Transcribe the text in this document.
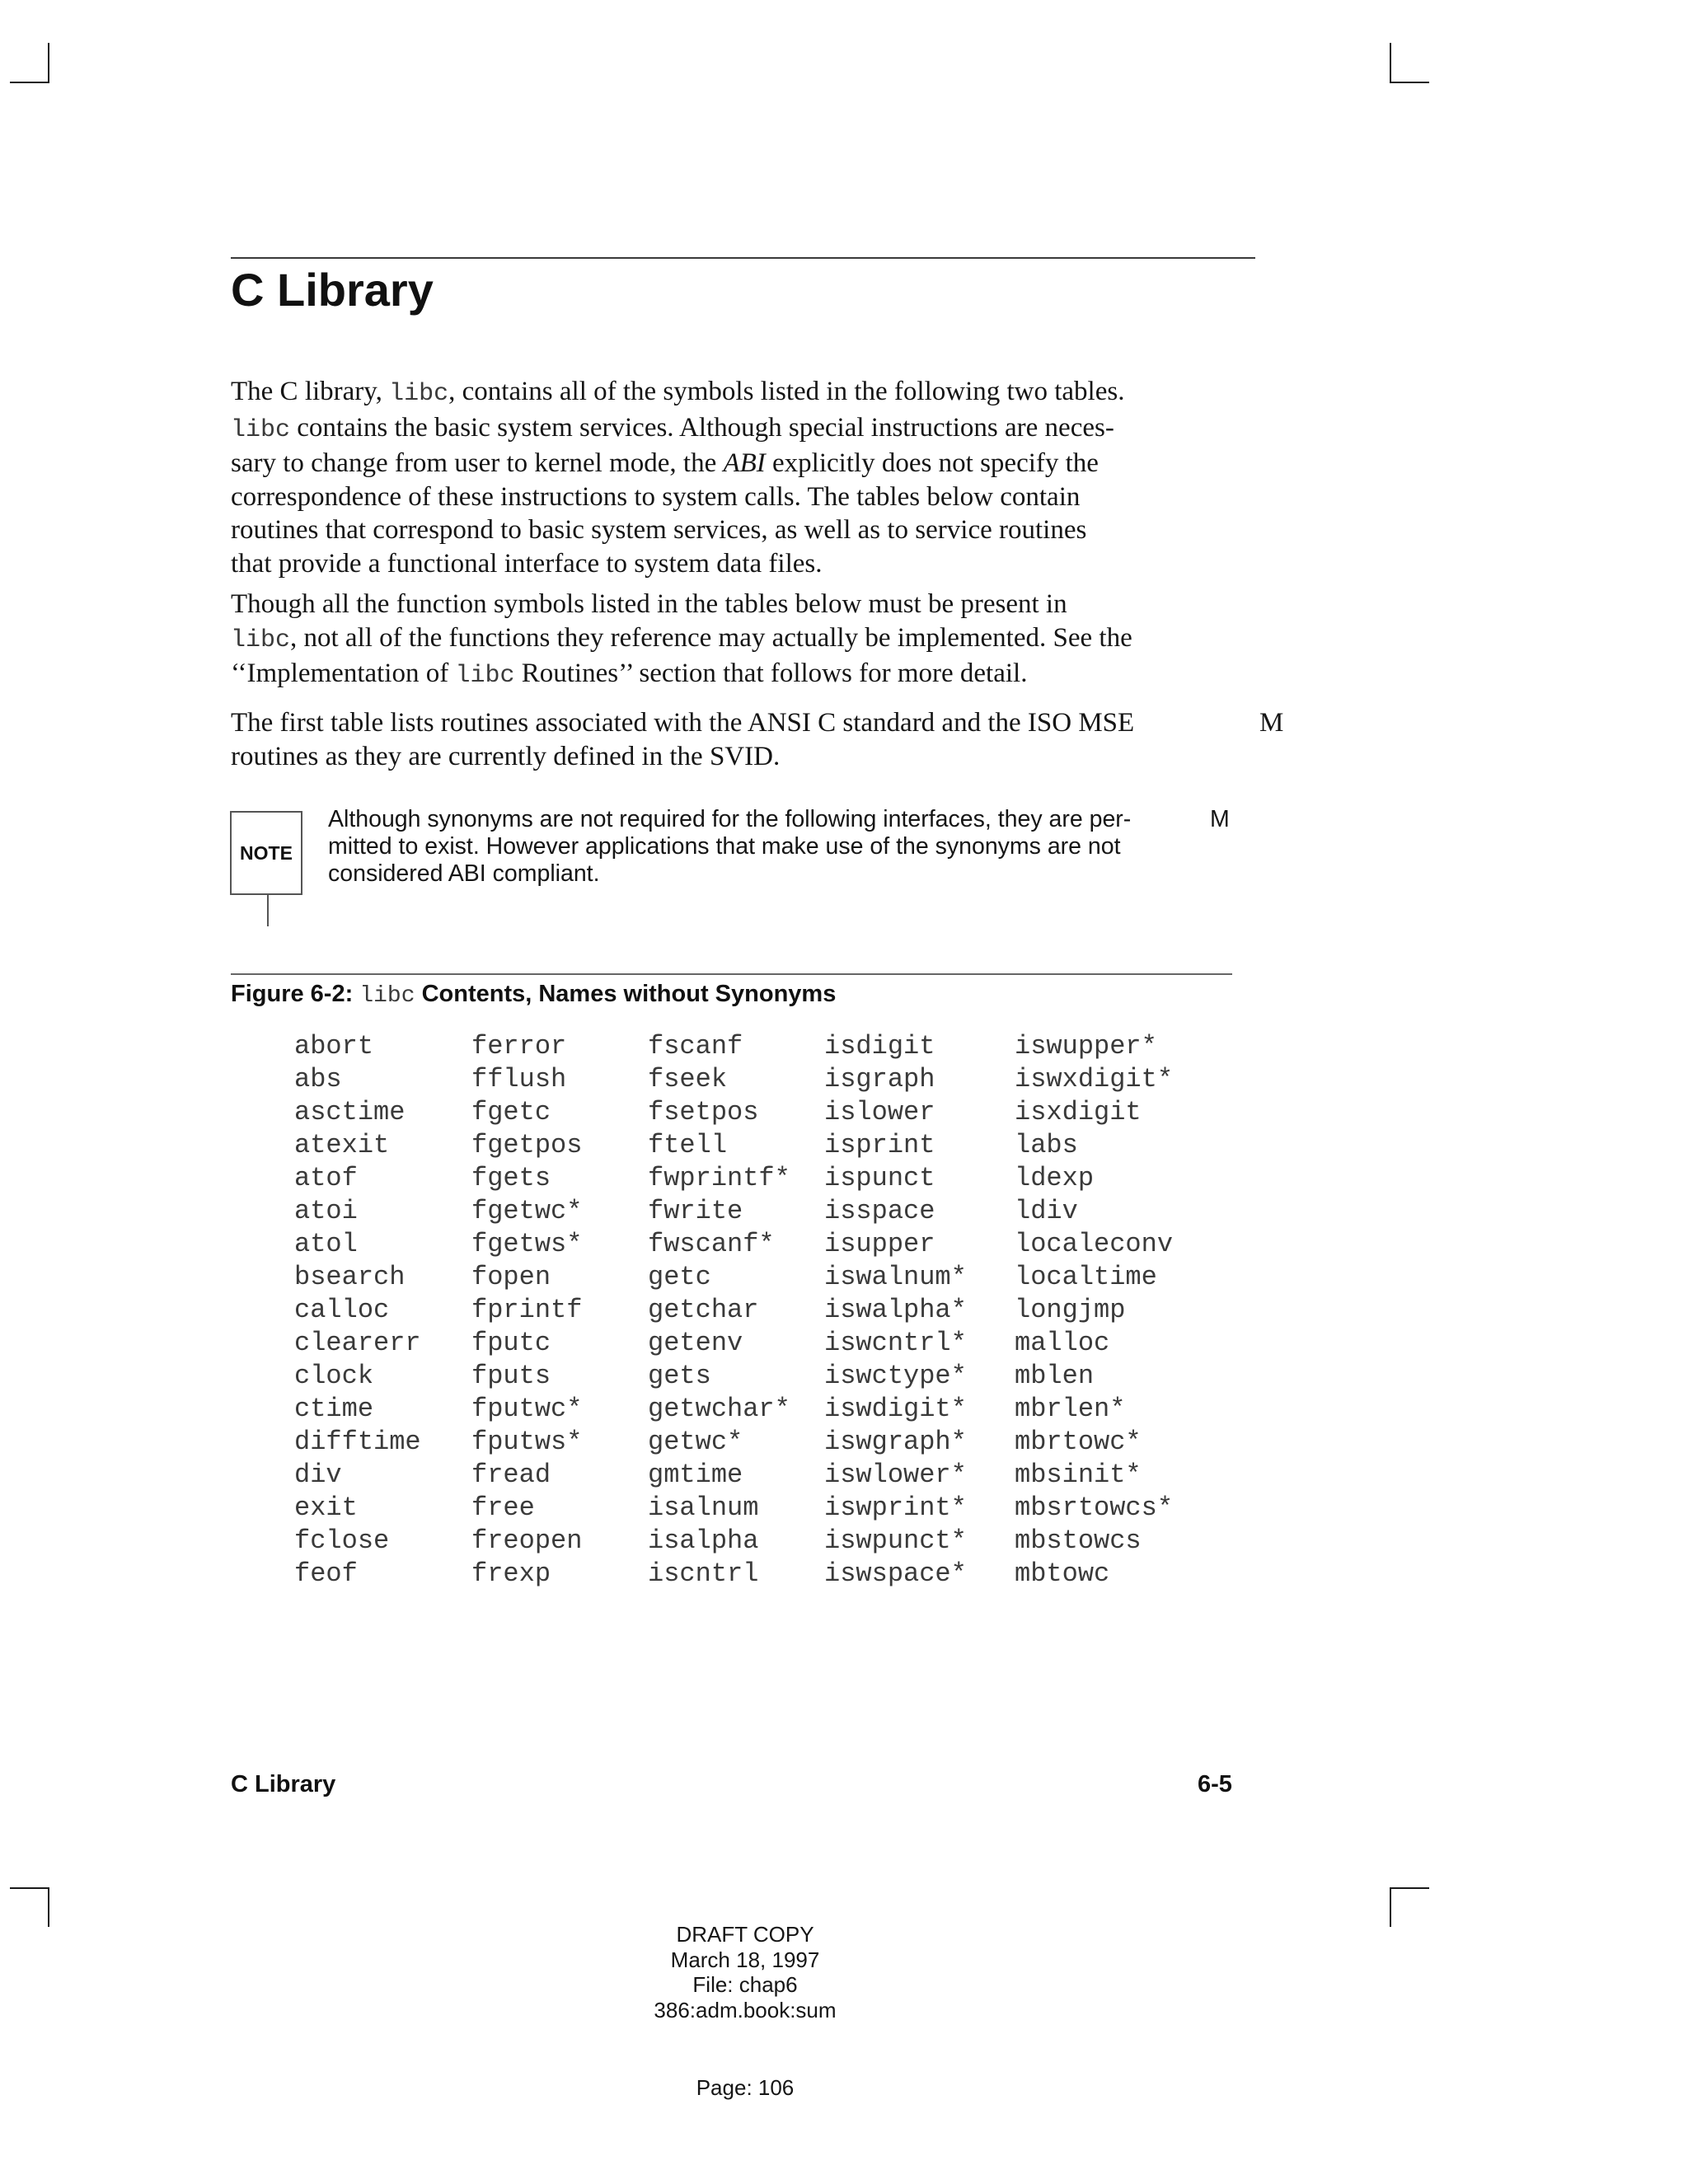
C Library
The C library, libc, contains all of the symbols listed in the following two tables.
libc contains the basic system services. Although special instructions are neces-
sary to change from user to kernel mode, the ABI explicitly does not specify the
correspondence of these instructions to system calls. The tables below contain
routines that correspond to basic system services, as well as to service routines
that provide a functional interface to system data files.
Though all the function symbols listed in the tables below must be present in
libc, not all of the functions they reference may actually be implemented. See the
‘‘Implementation of libc Routines’’ section that follows for more detail.
The first table lists routines associated with the ANSI C standard and the ISO MSE
routines as they are currently defined in the SVID.
M
NOTE
Although synonyms are not required for the following interfaces, they are per-
mitted to exist. However applications that make use of the synonyms are not
considered ABI compliant.
M
Figure 6-2: libc Contents, Names without Synonyms
abort
abs
asctime
atexit
atof
atoi
atol
bsearch
calloc
clearerr
clock
ctime
difftime
div
exit
fclose
feof
ferror
fflush
fgetc
fgetpos
fgets
fgetwc*
fgetws*
fopen
fprintf
fputc
fputs
fputwc*
fputws*
fread
free
freopen
frexp
fscanf
fseek
fsetpos
ftell
fwprintf*
fwrite
fwscanf*
getc
getchar
getenv
gets
getwchar*
getwc*
gmtime
isalnum
isalpha
iscntrl
isdigit
isgraph
islower
isprint
ispunct
isspace
isupper
iswalnum*
iswalpha*
iswcntrl*
iswctype*
iswdigit*
iswgraph*
iswlower*
iswprint*
iswpunct*
iswspace*
iswupper*
iswxdigit*
isxdigit
labs
ldexp
ldiv
localeconv
localtime
longjmp
malloc
mblen
mbrlen*
mbrtowc*
mbsinit*
mbsrtowcs*
mbstowcs
mbtowc
C Library	6-5
DRAFT COPY
March 18, 1997
File: chap6
386:adm.book:sum
Page: 106
